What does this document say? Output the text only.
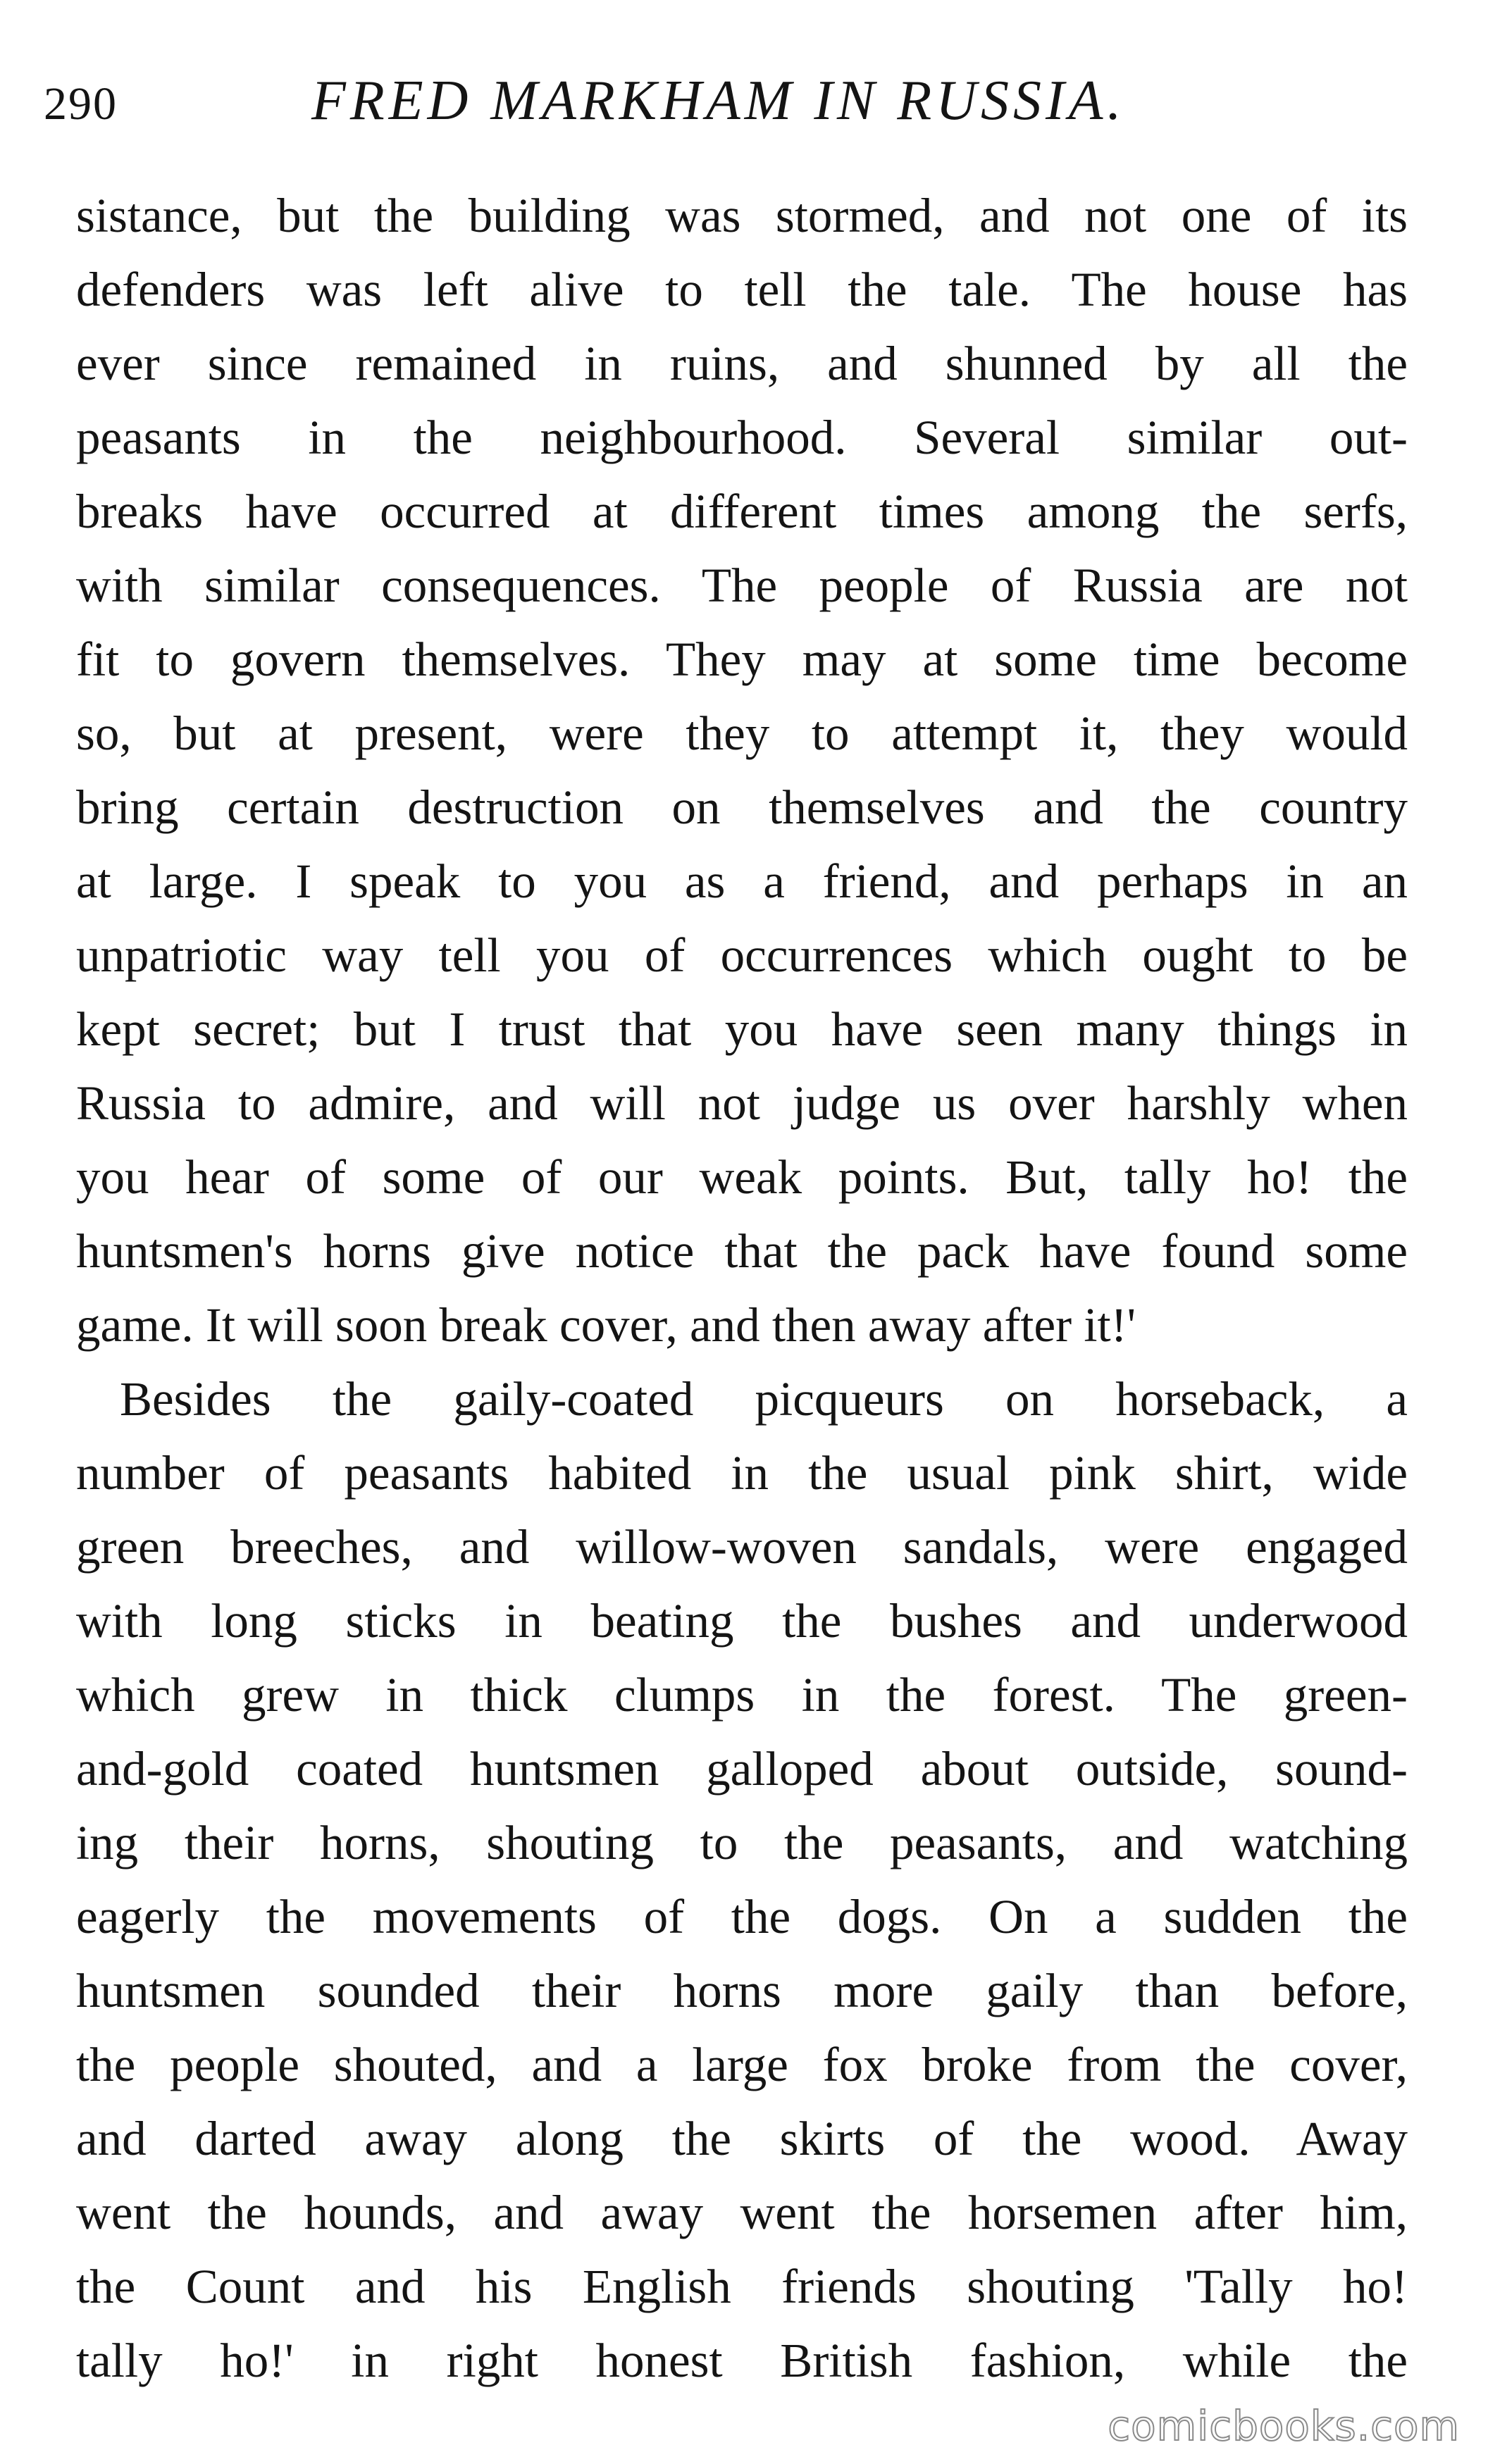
290	FRED MARKHAM IN RUSSIA.
sistance, but the building was stormed, and not one of its
defenders was left alive to tell the tale. The house has
ever since remained in ruins, and shunned by all the
peasants in the neighbourhood. Several similar out-
breaks have occurred at different times among the serfs,
with similar consequences. The people of Russia are not
fit to govern themselves. They may at some time become
so, but at present, were they to attempt it, they would
bring certain destruction on themselves and the country
at large. I speak to you as a friend, and perhaps in an
unpatriotic way tell you of occurrences which ought to be
kept secret; but I trust that you have seen many things in
Russia to admire, and will not judge us over harshly when
you hear of some of our weak points. But, tally ho! the
huntsmen's horns give notice that the pack have found some
game. It will soon break cover, and then away after it!'
Besides the gaily-coated picqueurs on horseback, a
number of peasants habited in the usual pink shirt, wide
green breeches, and willow-woven sandals, were engaged
with long sticks in beating the bushes and underwood
which grew in thick clumps in the forest. The green-
and-gold coated huntsmen galloped about outside, sound-
ing their horns, shouting to the peasants, and watching
eagerly the movements of the dogs. On a sudden the
huntsmen sounded their horns more gaily than before,
the people shouted, and a large fox broke from the cover,
and darted away along the skirts of the wood. Away
went the hounds, and away went the horsemen after him,
the Count and his English friends shouting 'Tally ho!
tally ho!' in right honest British fashion, while the
comicbooks.com
